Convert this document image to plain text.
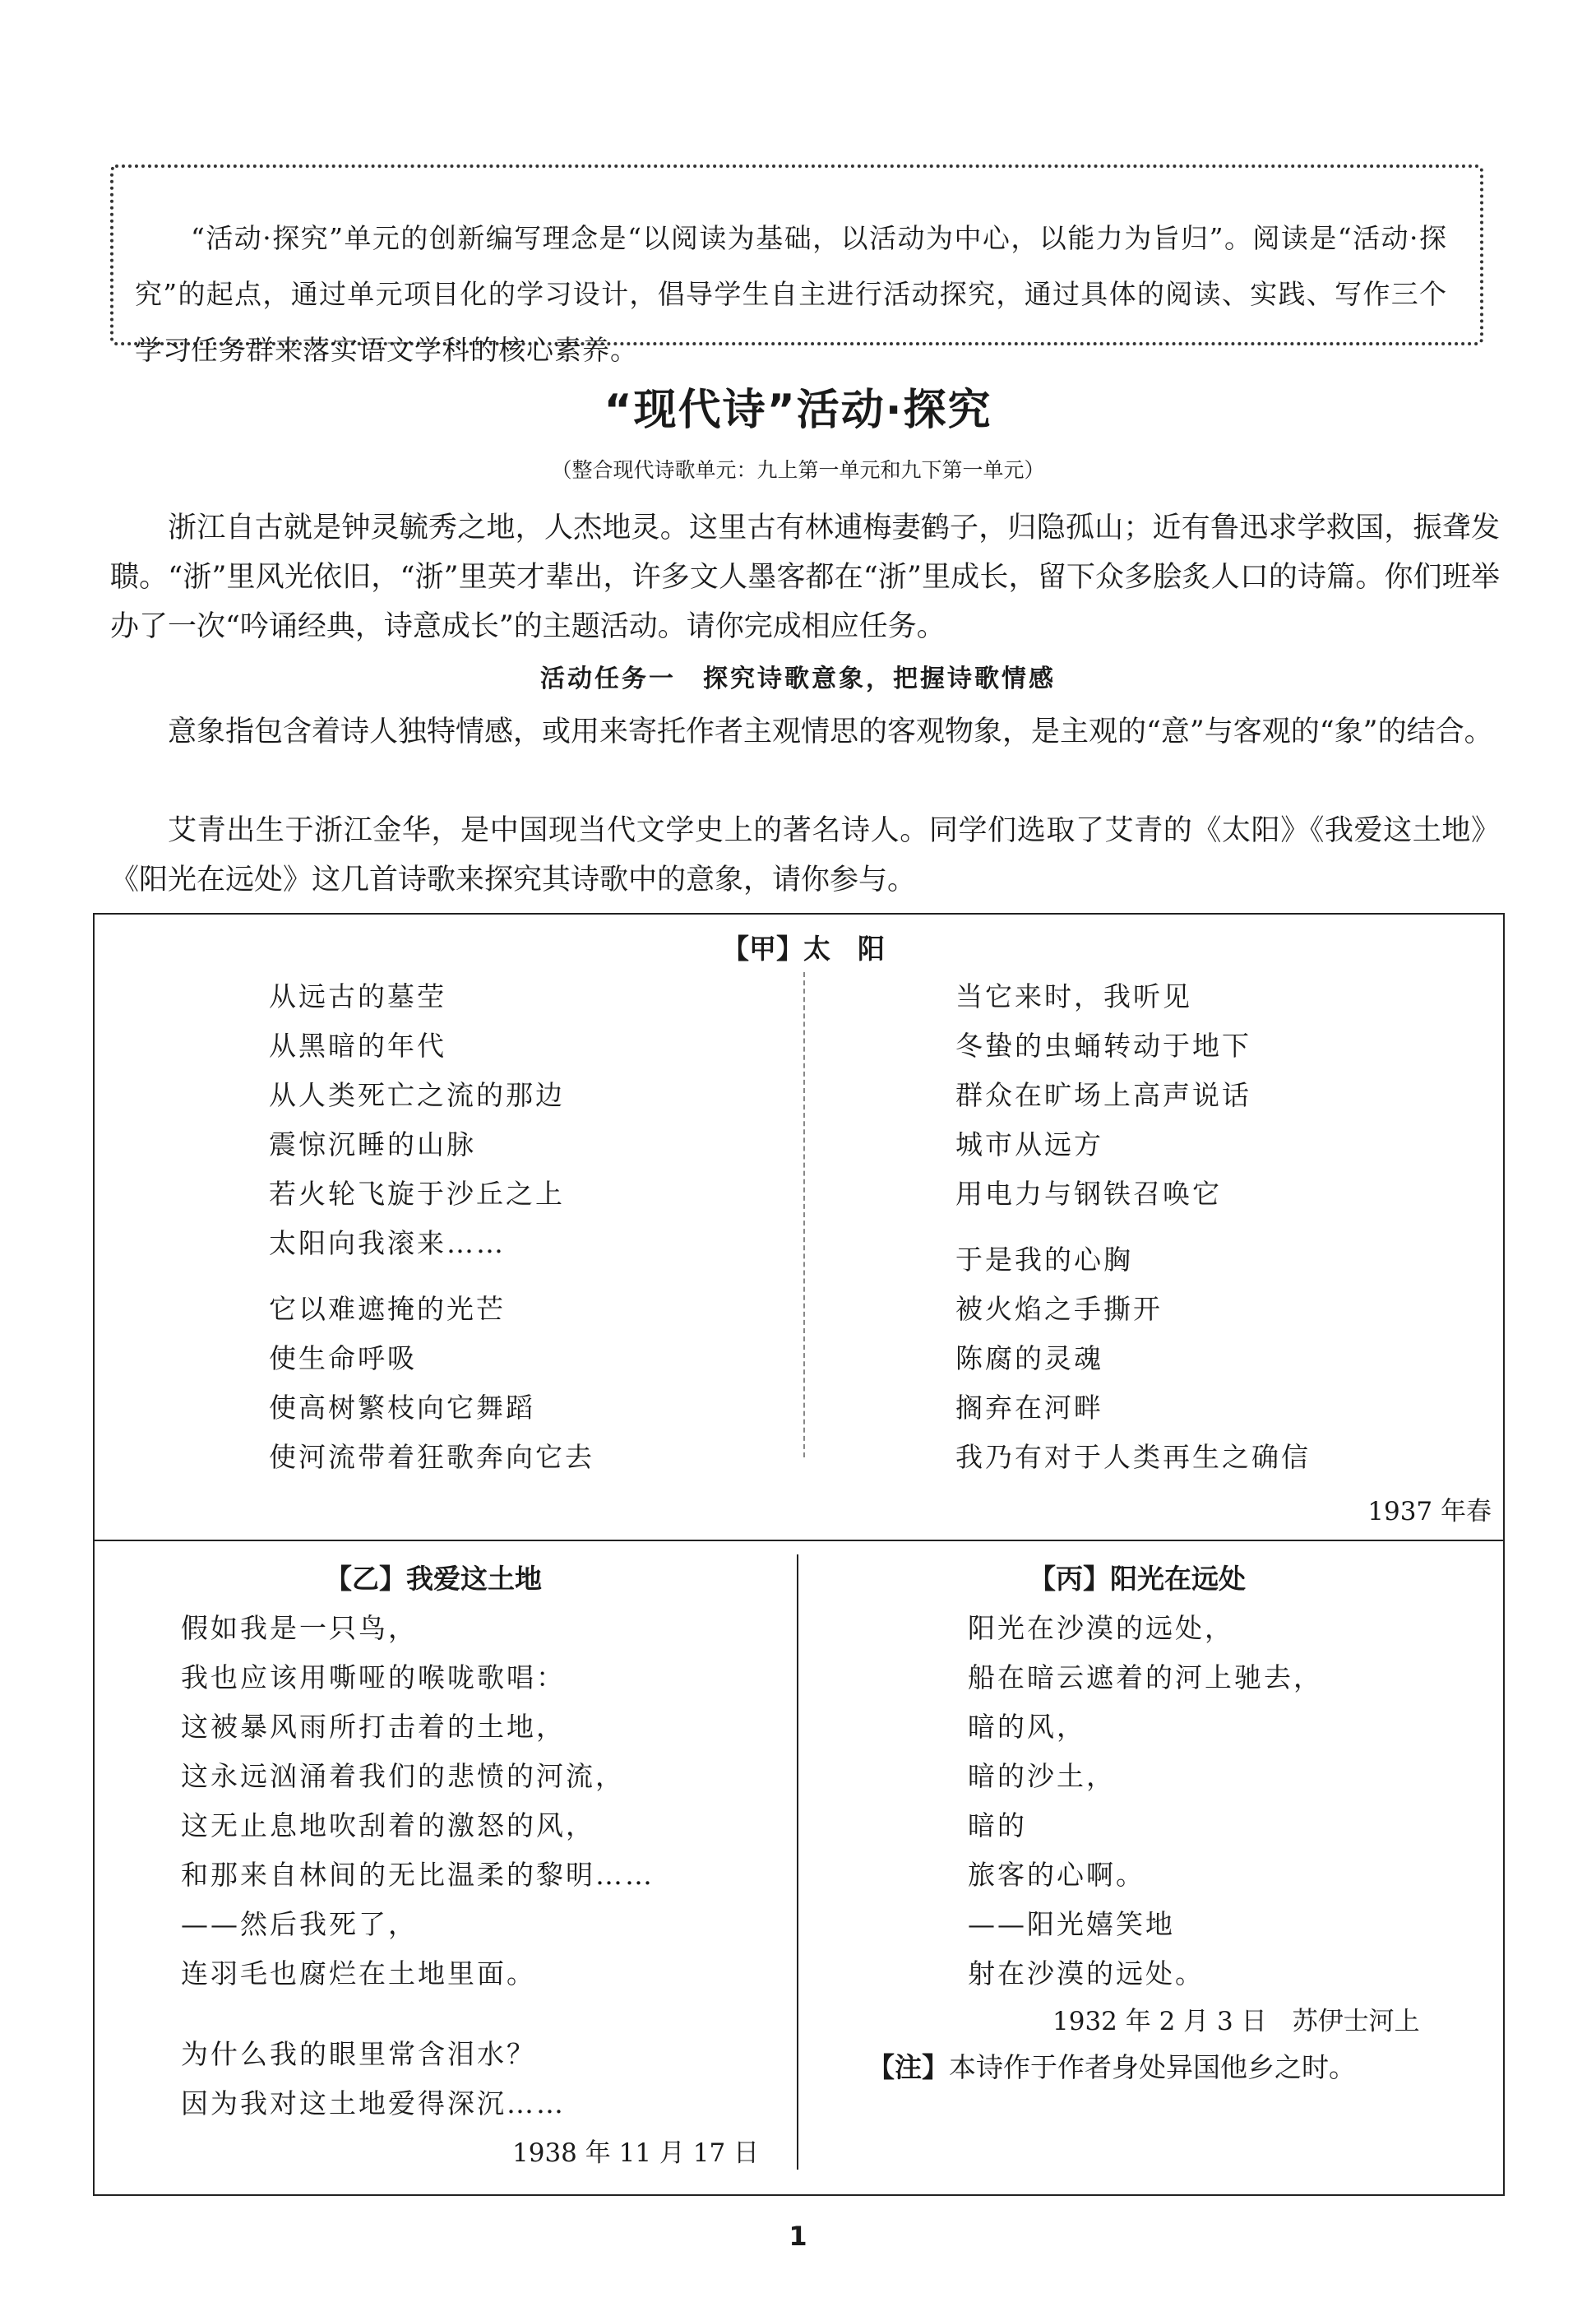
“活动·探究”单元的创新编写理念是“以阅读为基础，以活动为中心，以能力为旨归”。阅读是“活动·探究”的起点，通过单元项目化的学习设计，倡导学生自主进行活动探究，通过具体的阅读、实践、写作三个学习任务群来落实语文学科的核心素养。

“现代诗”活动·探究
（整合现代诗歌单元：九上第一单元和九下第一单元）

浙江自古就是钟灵毓秀之地，人杰地灵。这里古有林逋梅妻鹤子，归隐孤山；近有鲁迅求学救国，振聋发聩。“浙”里风光依旧，“浙”里英才辈出，许多文人墨客都在“浙”里成长，留下众多脍炙人口的诗篇。你们班举办了一次“吟诵经典，诗意成长”的主题活动。请你完成相应任务。

活动任务一　探究诗歌意象，把握诗歌情感

意象指包含着诗人独特情感，或用来寄托作者主观情思的客观物象，是主观的“意”与客观的“象”的结合。

艾青出生于浙江金华，是中国现当代文学史上的著名诗人。同学们选取了艾青的《太阳》《我爱这土地》《阳光在远处》这几首诗歌来探究其诗歌中的意象，请你参与。

【甲】太　阳
从远古的墓茔
从黑暗的年代
从人类死亡之流的那边
震惊沉睡的山脉
若火轮飞旋于沙丘之上
太阳向我滚来……
它以难遮掩的光芒
使生命呼吸
使高树繁枝向它舞蹈
使河流带着狂歌奔向它去
当它来时，我听见
冬蛰的虫蛹转动于地下
群众在旷场上高声说话
城市从远方
用电力与钢铁召唤它
于是我的心胸
被火焰之手撕开
陈腐的灵魂
搁弃在河畔
我乃有对于人类再生之确信
1937 年春
【乙】我爱这土地
假如我是一只鸟，
我也应该用嘶哑的喉咙歌唱：
这被暴风雨所打击着的土地，
这永远汹涌着我们的悲愤的河流，
这无止息地吹刮着的激怒的风，
和那来自林间的无比温柔的黎明……
——然后我死了，
连羽毛也腐烂在土地里面。
为什么我的眼里常含泪水？
因为我对这土地爱得深沉……
1938 年 11 月 17 日
【丙】阳光在远处
阳光在沙漠的远处，
船在暗云遮着的河上驰去，
暗的风，
暗的沙土，
暗的
旅客的心啊。
——阳光嬉笑地
射在沙漠的远处。
1932 年 2 月 3 日　苏伊士河上
【注】本诗作于作者身处异国他乡之时。
1
